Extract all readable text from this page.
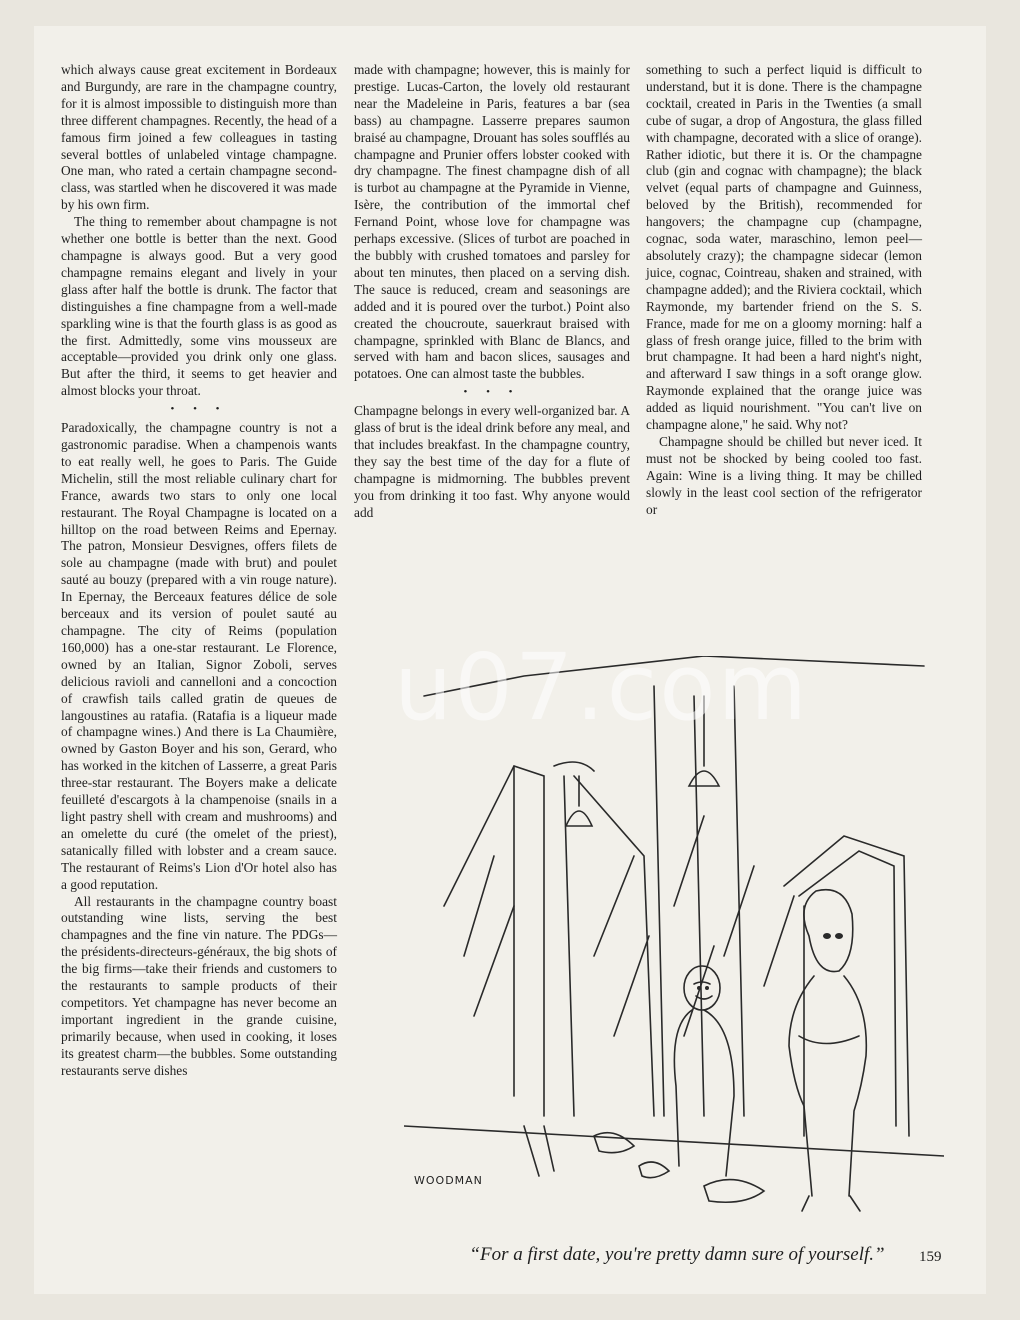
which always cause great excitement in Bordeaux and Burgundy, are rare in the champagne country, for it is almost impossible to distinguish more than three different champagnes. Recently, the head of a famous firm joined a few colleagues in tasting several bottles of unlabeled vintage champagne. One man, who rated a certain champagne second-class, was startled when he discovered it was made by his own firm.

The thing to remember about champagne is not whether one bottle is better than the next. Good champagne is always good. But a very good champagne remains elegant and lively in your glass after half the bottle is drunk. The factor that distinguishes a fine champagne from a well-made sparkling wine is that the fourth glass is as good as the first. Admittedly, some vins mousseux are acceptable—provided you drink only one glass. But after the third, it seems to get heavier and almost blocks your throat.

• • •

Paradoxically, the champagne country is not a gastronomic paradise. When a champenois wants to eat really well, he goes to Paris. The Guide Michelin, still the most reliable culinary chart for France, awards two stars to only one local restaurant. The Royal Champagne is located on a hilltop on the road between Reims and Epernay. The patron, Monsieur Desvignes, offers filets de sole au champagne (made with brut) and poulet sauté au bouzy (prepared with a vin rouge nature). In Epernay, the Berceaux features délice de sole berceaux and its version of poulet sauté au champagne. The city of Reims (population 160,000) has a one-star restaurant. Le Florence, owned by an Italian, Signor Zoboli, serves delicious ravioli and cannelloni and a concoction of crawfish tails called gratin de queues de langoustines au ratafia. (Ratafia is a liqueur made of champagne wines.) And there is La Chaumière, owned by Gaston Boyer and his son, Gerard, who has worked in the kitchen of Lasserre, a great Paris three-star restaurant. The Boyers make a delicate feuilleté d'escargots à la champenoise (snails in a light pastry shell with cream and mushrooms) and an omelette du curé (the omelet of the priest), satanically filled with lobster and a cream sauce. The restaurant of Reims's Lion d'Or hotel also has a good reputation.

All restaurants in the champagne country boast outstanding wine lists, serving the best champagnes and the fine vin nature. The PDGs—the présidents-directeurs-généraux, the big shots of the big firms—take their friends and customers to the restaurants to sample products of their competitors. Yet champagne has never become an important ingredient in the grande cuisine, primarily because, when used in cooking, it loses its greatest charm—the bubbles. Some outstanding restaurants serve dishes

made with champagne; however, this is mainly for prestige. Lucas-Carton, the lovely old restaurant near the Madeleine in Paris, features a bar (sea bass) au champagne. Lasserre prepares saumon braisé au champagne, Drouant has soles soufflés au champagne and Prunier offers lobster cooked with dry champagne. The finest champagne dish of all is turbot au champagne at the Pyramide in Vienne, Isère, the contribution of the immortal chef Fernand Point, whose love for champagne was perhaps excessive. (Slices of turbot are poached in the bubbly with crushed tomatoes and parsley for about ten minutes, then placed on a serving dish. The sauce is reduced, cream and seasonings are added and it is poured over the turbot.) Point also created the choucroute, sauerkraut braised with champagne, sprinkled with Blanc de Blancs, and served with ham and bacon slices, sausages and potatoes. One can almost taste the bubbles.

• • •

Champagne belongs in every well-organized bar. A glass of brut is the ideal drink before any meal, and that includes breakfast. In the champagne country, they say the best time of the day for a flute of champagne is midmorning. The bubbles prevent you from drinking it too fast. Why anyone would add

something to such a perfect liquid is difficult to understand, but it is done. There is the champagne cocktail, created in Paris in the Twenties (a small cube of sugar, a drop of Angostura, the glass filled with champagne, decorated with a slice of orange). Rather idiotic, but there it is. Or the champagne club (gin and cognac with champagne); the black velvet (equal parts of champagne and Guinness, beloved by the British), recommended for hangovers; the champagne cup (champagne, cognac, soda water, maraschino, lemon peel—absolutely crazy); the champagne sidecar (lemon juice, cognac, Cointreau, shaken and strained, with champagne added); and the Riviera cocktail, which Raymonde, my bartender friend on the S. S. France, made for me on a gloomy morning: half a glass of fresh orange juice, filled to the brim with brut champagne. It had been a hard night's night, and afterward I saw things in a soft orange glow. Raymonde explained that the orange juice was added as liquid nourishment. "You can't live on champagne alone," he said. Why not?

Champagne should be chilled but never iced. It must not be shocked by being cooled too fast. Again: Wine is a living thing. It may be chilled slowly in the least cool section of the refrigerator or

WOODMAN
u07.com
“For a first date, you're pretty damn sure of yourself.”	159
